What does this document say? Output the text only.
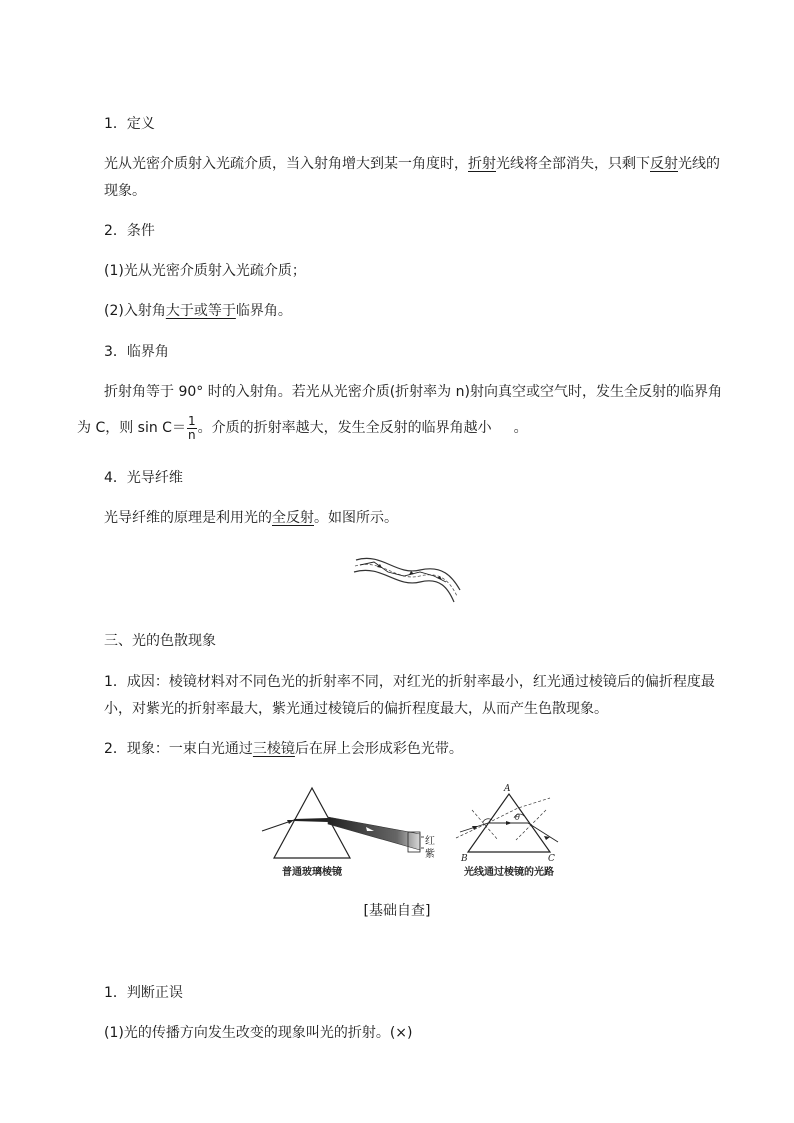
1．定义
光从光密介质射入光疏介质，当入射角增大到某一角度时，折射光线将全部消失，只剩下反射光线的
现象。
2．条件
(1)光从光密介质射入光疏介质；
(2)入射角大于或等于临界角。
3．临界角
折射角等于 90° 时的入射角。若光从光密介质(折射率为 n)射向真空或空气时，发生全反射的临界角
为 C，则 $\sin C= \frac{1}{n}$ 。介质的折射率越大，发生全反射的临界角越小 。
4．光导纤维
光导纤维的原理是利用光的全反射。如图所示。
三、光的色散现象
1．成因：棱镜材料对不同色光的折射率不同，对红光的折射率最小，红光通过棱镜后的偏折程度最
小，对紫光的折射率最大，紫光通过棱镜后的偏折程度最大，从而产生色散现象。
2．现象：一束白光通过三棱镜后在屏上会形成彩色光带。
红
紫
普通玻璃棱镜
θ
A
B	C
光线通过棱镜的光路
[基础自查]
1．判断正误
(1)光的传播方向发生改变的现象叫光的折射。(×)
